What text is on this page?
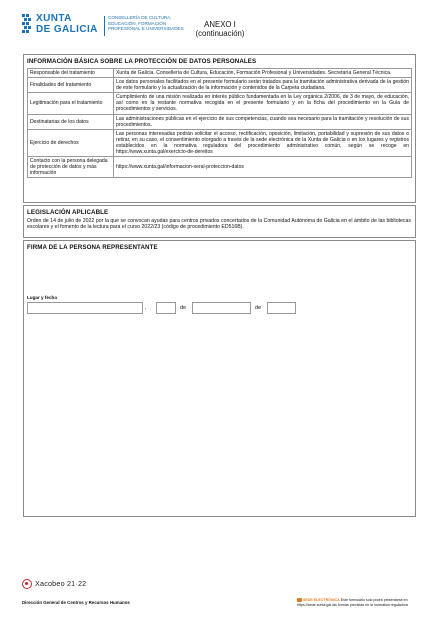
XUNTA
DE GALICIA
CONSELLERÍA DE CULTURA,
EDUCACIÓN, FORMACIÓN
PROFESIONAL E UNIVERSIDADES	ANEXO I
(continuación)
INFORMACIÓN BÁSICA SOBRE LA PROTECCIÓN DE DATOS PERSONALES
Responsable del tratamiento	Xunta de Galicia. Consellería de Cultura, Educación, Formación Profesional y Universidades. Secretaría General Técnica.
Finalidades del tratamiento	Los datos personales facilitados en el presente formulario serán tratados para la tramitación administrativa derivada de la gestión de este formulario y la actualización de la información y contenidos de la Carpeta ciudadana.
Legitimación para el tratamiento	Cumplimiento de una misión realizada en interés público fundamentada en la Ley orgánica 2/2006, de 3 de mayo, de educación, así como en la restante normativa recogida en el presente formulario y en la ficha del procedimiento en la Guía de procedimientos y servicios.
Destinatarias de los datos	Las administraciones públicas en el ejercicio de sus competencias, cuando sea necesario para la tramitación y resolución de sus procedimientos.
Ejercicio de derechos	Las personas interesadas podrán solicitar el acceso, rectificación, oposición, limitación, portabilidad y supresión de sus datos o retirar, en su caso, el consentimiento otorgado a través de la sede electrónica de la Xunta de Galicia o en los lugares y registros establecidos en la normativa reguladora del procedimiento administrativo común, según se recoge en https://www.xunta.gal/exercicio-de-dereitos
Contacto con la persona delegada de protección de datos y más información	https://www.xunta.gal/informacion-xeral-proteccion-datos
LEGISLACIÓN APLICABLE
Orden de 14 de julio de 2022 por la que se convocan ayudas para centros privados concertados de la Comunidad Autónoma de Galicia en el ámbito de las bibliotecas escolares y el fomento de la lectura para el curso 2022/23 (código de procedimiento ED516B).
FIRMA DE LA PERSONA REPRESENTANTE
Lugar y fecha
,	de	de
Xacobeo 21·22
Dirección General de Centros y Recursos Humanos	SEDE ELECTRÓNICA Este formulario solo podrá presentarse en https://sede.xunta.gal las formas previstas en la normativa reguladora
